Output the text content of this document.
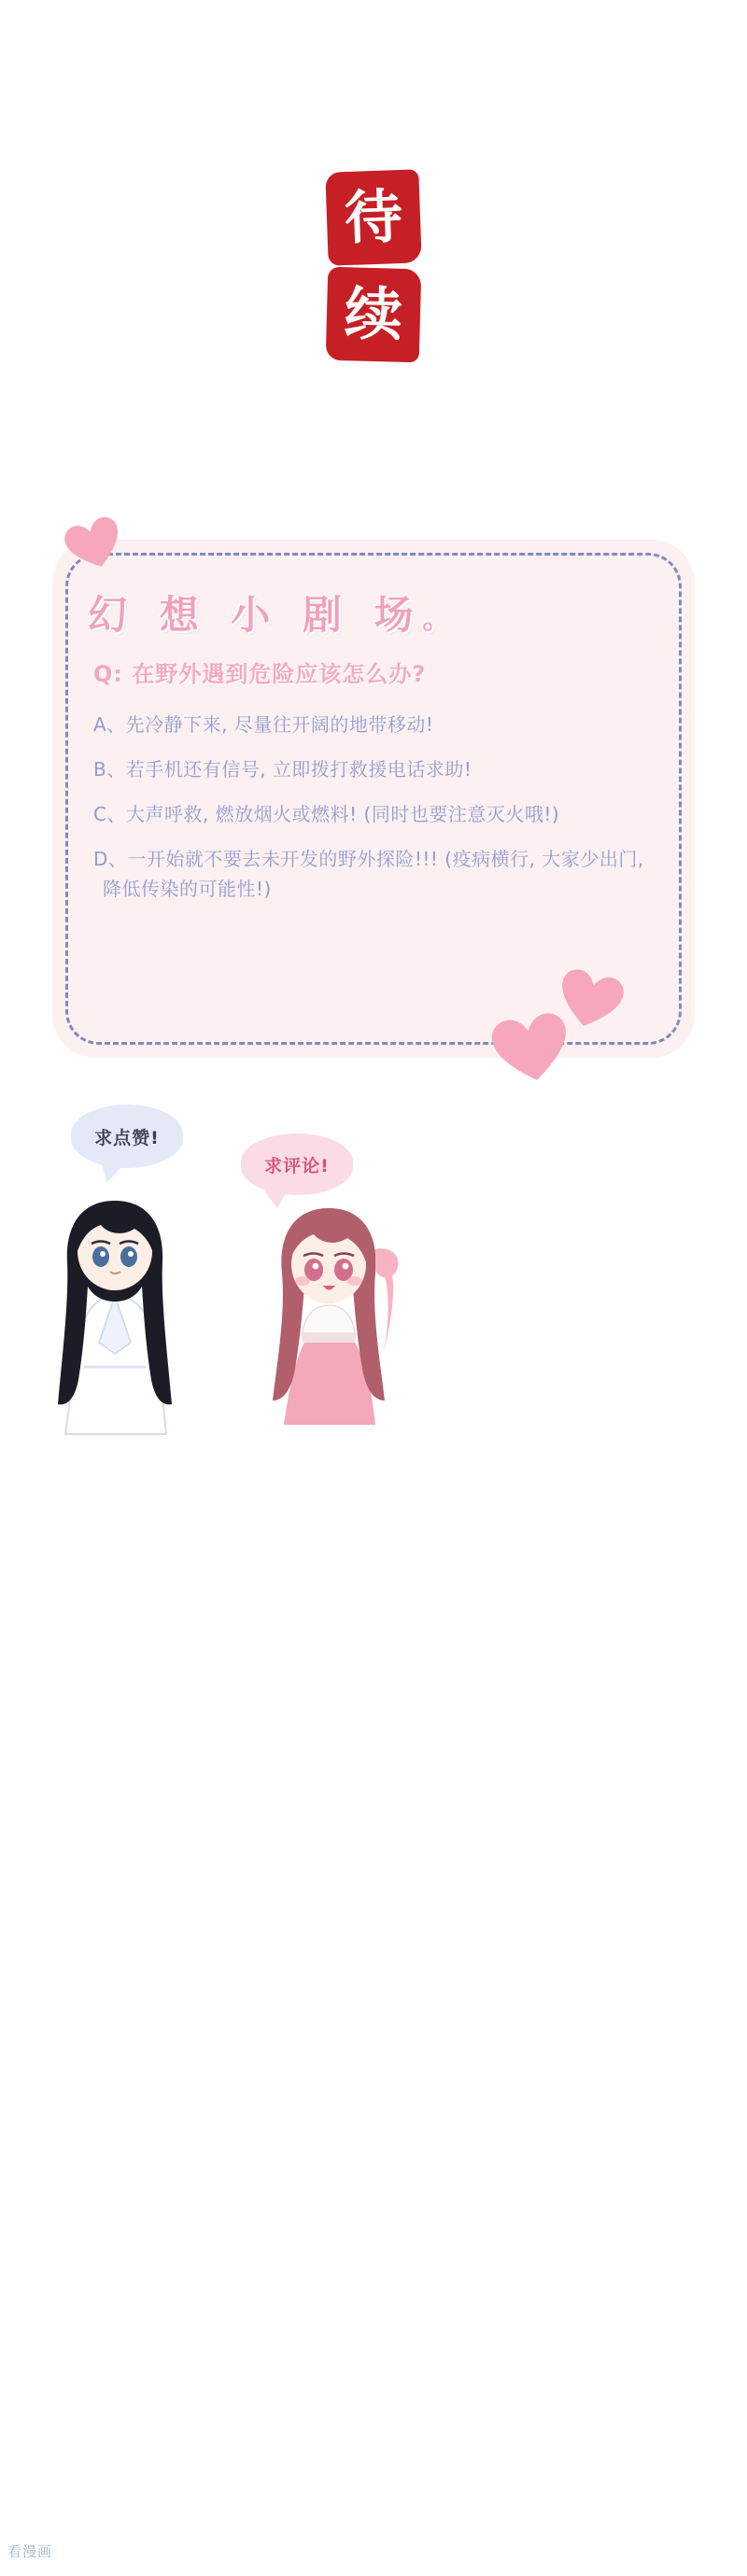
待
续
幻 想 小 剧 场。
Q: 在野外遇到危险应该怎么办?
A、先冷静下来, 尽量往开阔的地带移动!
B、若手机还有信号, 立即拨打救援电话求助!
C、大声呼救, 燃放烟火或燃料! (同时也要注意灭火哦!)
D、一开始就不要去未开发的野外探险!!! (疫病横行, 大家少出门, 降低传染的可能性!)
求点赞!
求评论!
看漫画
